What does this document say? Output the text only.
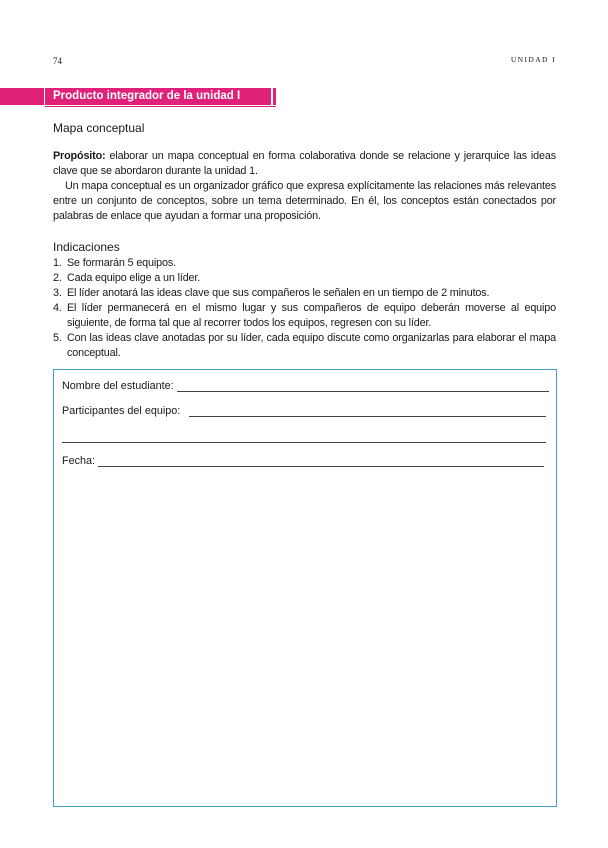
74	UNIDAD I
Producto integrador de la unidad I
Mapa conceptual
Propósito: elaborar un mapa conceptual en forma colaborativa donde se relacione y jerarquice las ideas clave que se abordaron durante la unidad 1.
Un mapa conceptual es un organizador gráfico que expresa explícitamente las relaciones más relevantes entre un conjunto de conceptos, sobre un tema determinado. En él, los conceptos están conectados por palabras de enlace que ayudan a formar una proposición.
Indicaciones
1. Se formarán 5 equipos.
2. Cada equipo elige a un líder.
3. El líder anotará las ideas clave que sus compañeros le señalen en un tiempo de 2 minutos.
4. El líder permanecerá en el mismo lugar y sus compañeros de equipo deberán moverse al equipo siguiente, de forma tal que al recorrer todos los equipos, regresen con su líder.
5. Con las ideas clave anotadas por su líder, cada equipo discute como organizarlas para elaborar el mapa conceptual.
Nombre del estudiante:
Participantes del equipo:
Fecha:
